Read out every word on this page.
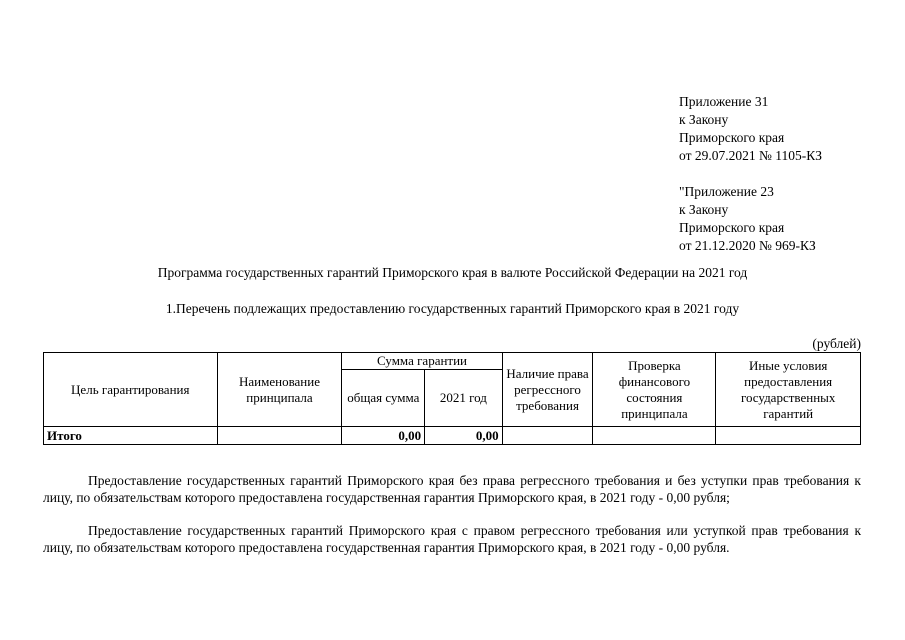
Приложение 31
к Закону
Приморского края
от 29.07.2021 № 1105-КЗ
"Приложение 23
к Закону
Приморского края
от 21.12.2020 № 969-КЗ
Программа государственных гарантий Приморского края в валюте Российской Федерации на 2021 год
1.Перечень подлежащих предоставлению государственных гарантий Приморского края в 2021 году
(рублей)
Цель гарантирования	Наименование принципала	Сумма гарантии		Наличие права регрессного требования	Проверка финансового состояния принципала	Иные условия предоставления государственных гарантий
		общая сумма	2021 год			
Итого		0,00	0,00			
Предоставление государственных гарантий Приморского края без права регрессного требования и без уступки прав требования к лицу, по обязательствам которого предоставлена государственная гарантия Приморского края, в 2021 году - 0,00 рубля;
Предоставление государственных гарантий Приморского края с правом регрессного требования или уступкой прав требования к лицу, по обязательствам которого предоставлена государственная гарантия Приморского края, в 2021 году - 0,00 рубля.
